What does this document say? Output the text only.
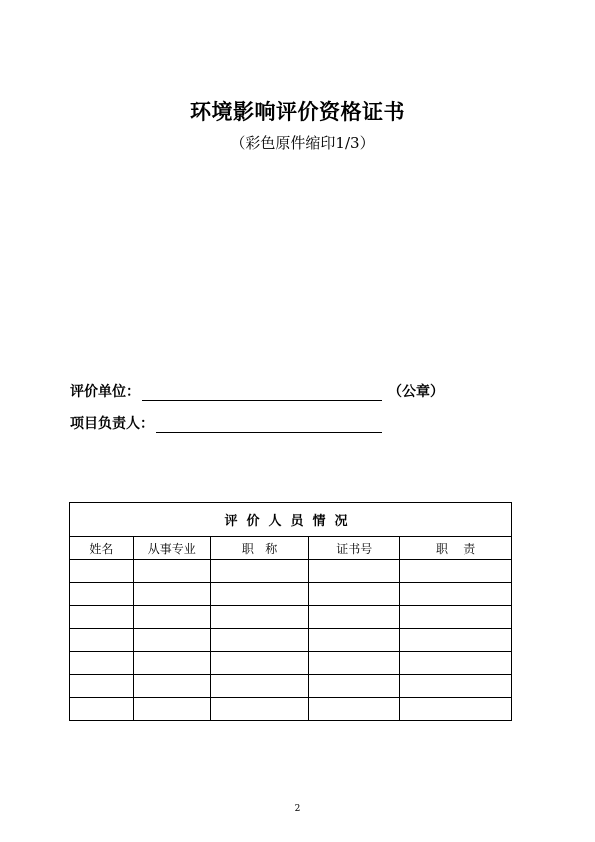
环境影响评价资格证书
（彩色原件缩印1/3）
评价单位：	（公章）
项目负责人：
评价人员情况				
姓名	从事专业	职   称	证书号	职    责

2
